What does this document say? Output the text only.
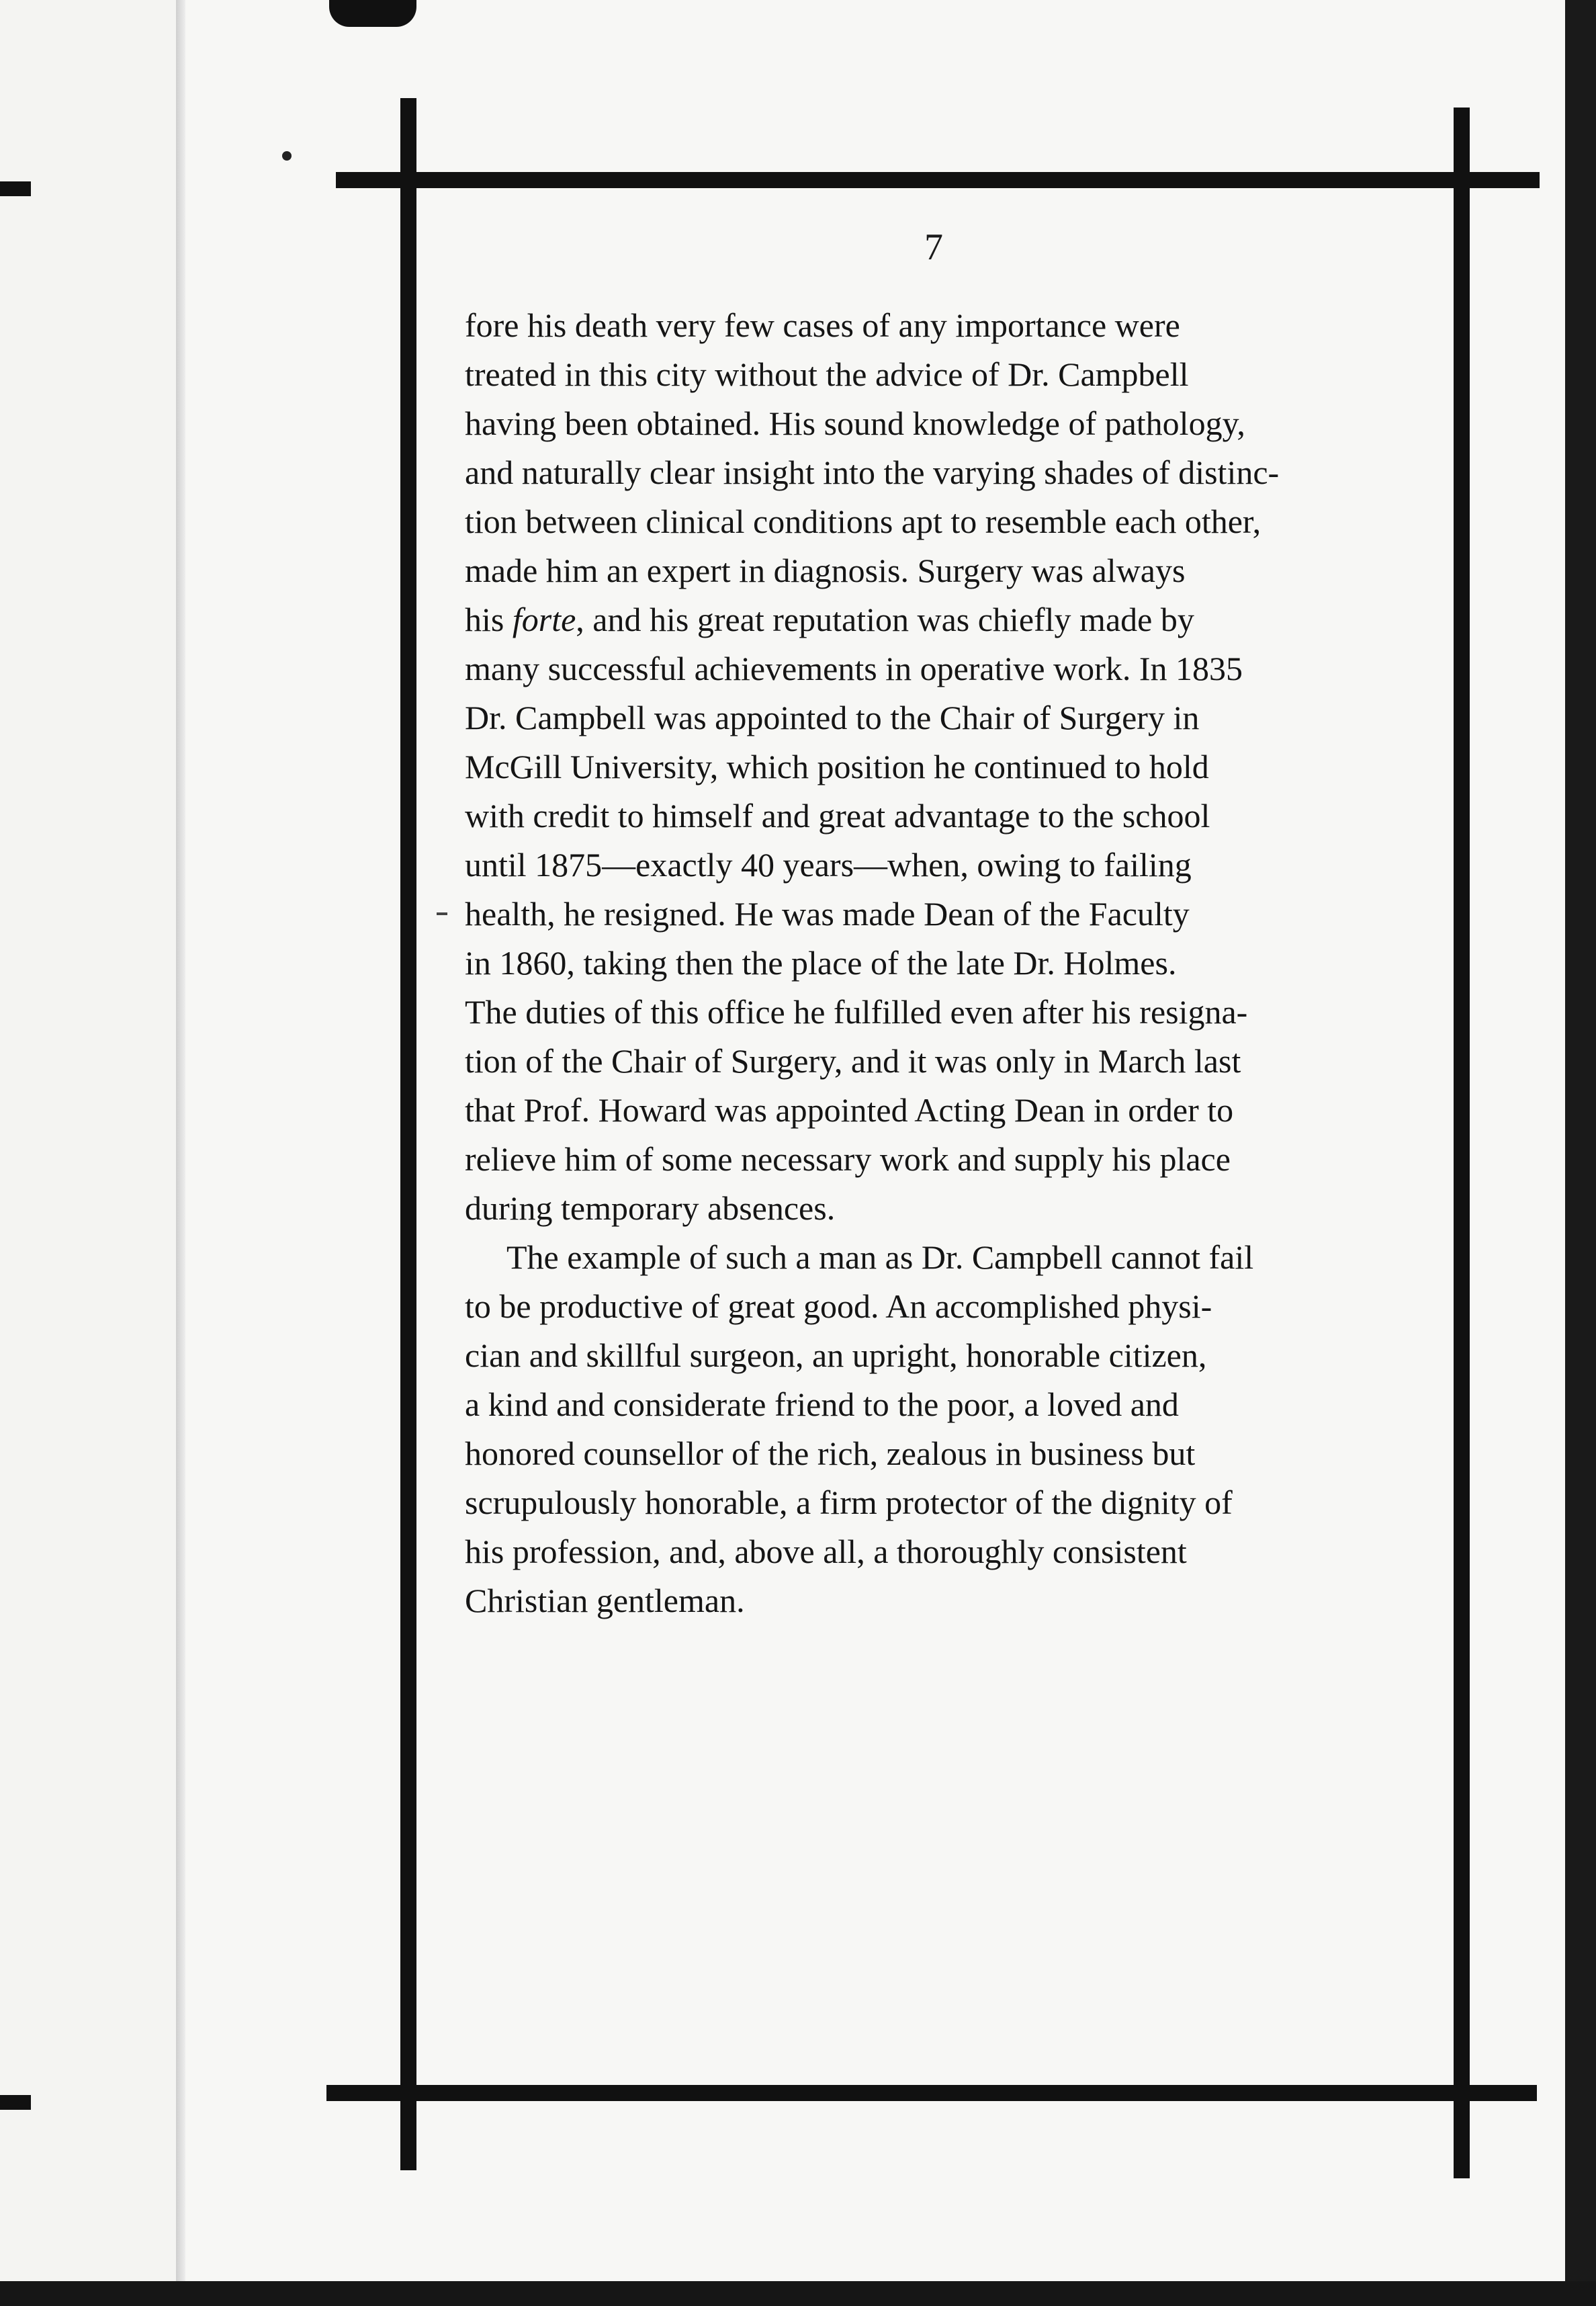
7

fore his death very few cases of any importance were
treated in this city without the advice of Dr. Campbell
having been obtained. His sound knowledge of pathology,
and naturally clear insight into the varying shades of distinc-
tion between clinical conditions apt to resemble each other,
made him an expert in diagnosis. Surgery was always
his forte, and his great reputation was chiefly made by
many successful achievements in operative work. In 1835
Dr. Campbell was appointed to the Chair of Surgery in
McGill University, which position he continued to hold
with credit to himself and great advantage to the school
until 1875—exactly 40 years—when, owing to failing
health, he resigned. He was made Dean of the Faculty
in 1860, taking then the place of the late Dr. Holmes.
The duties of this office he fulfilled even after his resigna-
tion of the Chair of Surgery, and it was only in March last
that Prof. Howard was appointed Acting Dean in order to
relieve him of some necessary work and supply his place
during temporary absences.

The example of such a man as Dr. Campbell cannot fail
to be productive of great good. An accomplished physi-
cian and skillful surgeon, an upright, honorable citizen,
a kind and considerate friend to the poor, a loved and
honored counsellor of the rich, zealous in business but
scrupulously honorable, a firm protector of the dignity of
his profession, and, above all, a thoroughly consistent
Christian gentleman.
